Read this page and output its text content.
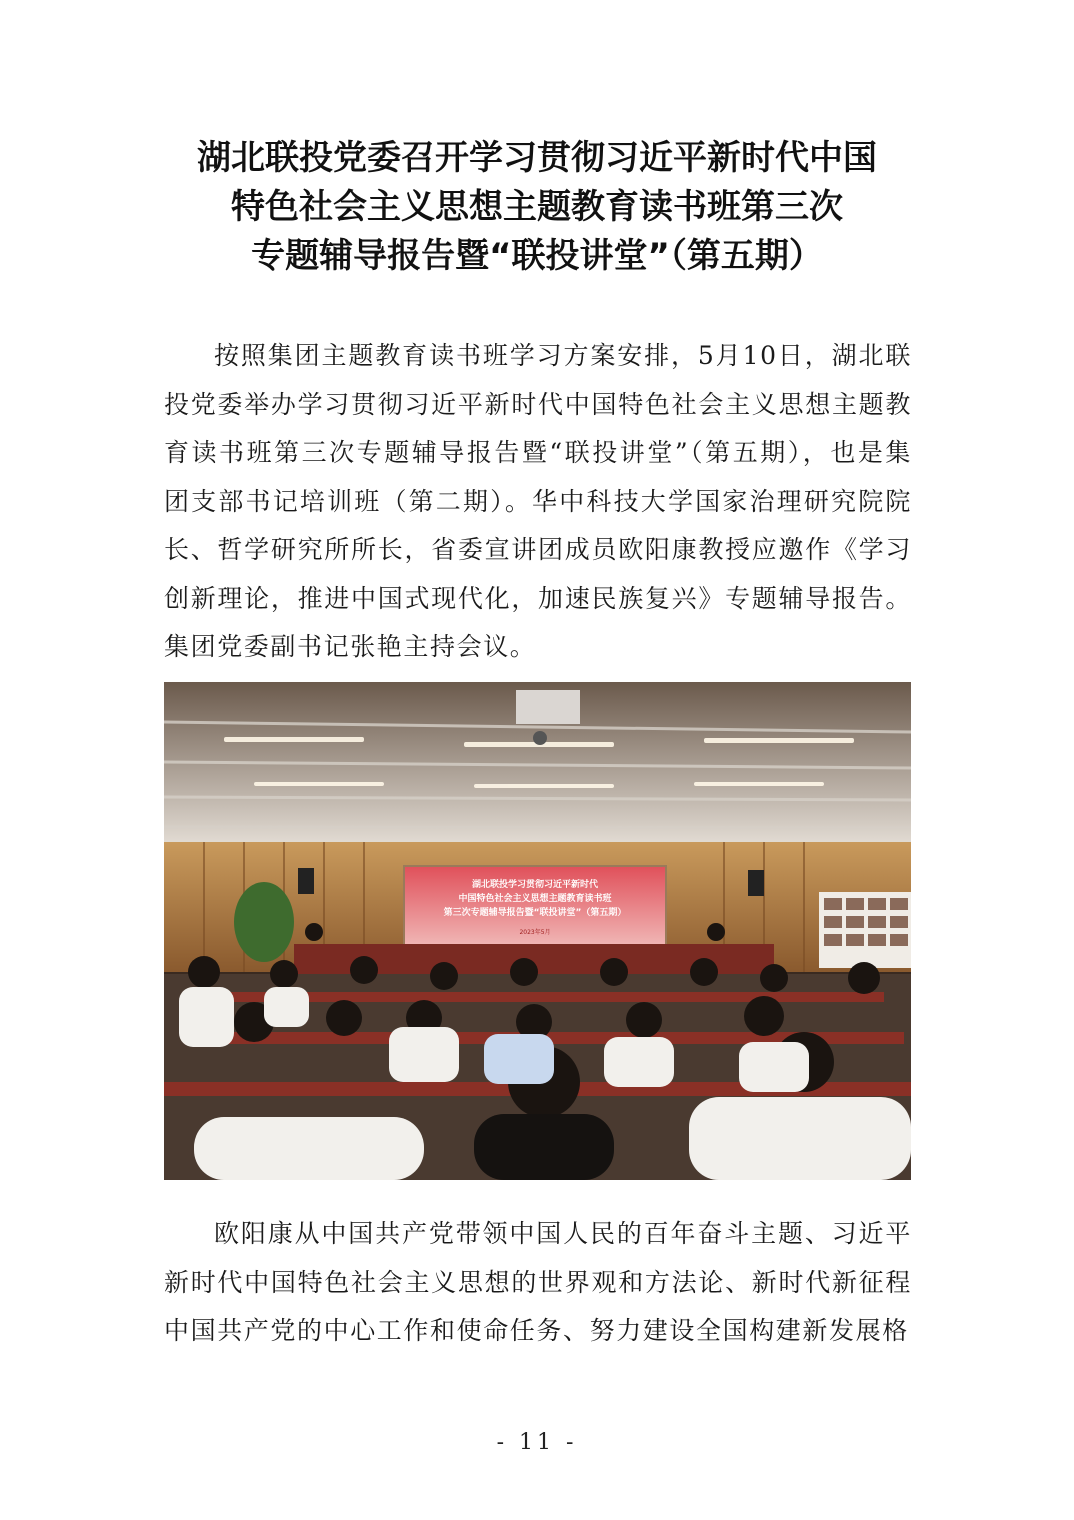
湖北联投党委召开学习贯彻习近平新时代中国
特色社会主义思想主题教育读书班第三次
专题辅导报告暨“联投讲堂”（第五期）

按照集团主题教育读书班学习方案安排，5月10日，湖北联投党委举办学习贯彻习近平新时代中国特色社会主义思想主题教育读书班第三次专题辅导报告暨“联投讲堂”（第五期），也是集团支部书记培训班（第二期）。华中科技大学国家治理研究院院长、哲学研究所所长，省委宣讲团成员欧阳康教授应邀作《学习创新理论，推进中国式现代化，加速民族复兴》专题辅导报告。集团党委副书记张艳主持会议。

湖北联投学习贯彻习近平新时代
中国特色社会主义思想主题教育读书班
第三次专题辅导报告暨“联投讲堂”（第五期）
2023年5月

欧阳康从中国共产党带领中国人民的百年奋斗主题、习近平新时代中国特色社会主义思想的世界观和方法论、新时代新征程中国共产党的中心工作和使命任务、努力建设全国构建新发展格

- 11 -
